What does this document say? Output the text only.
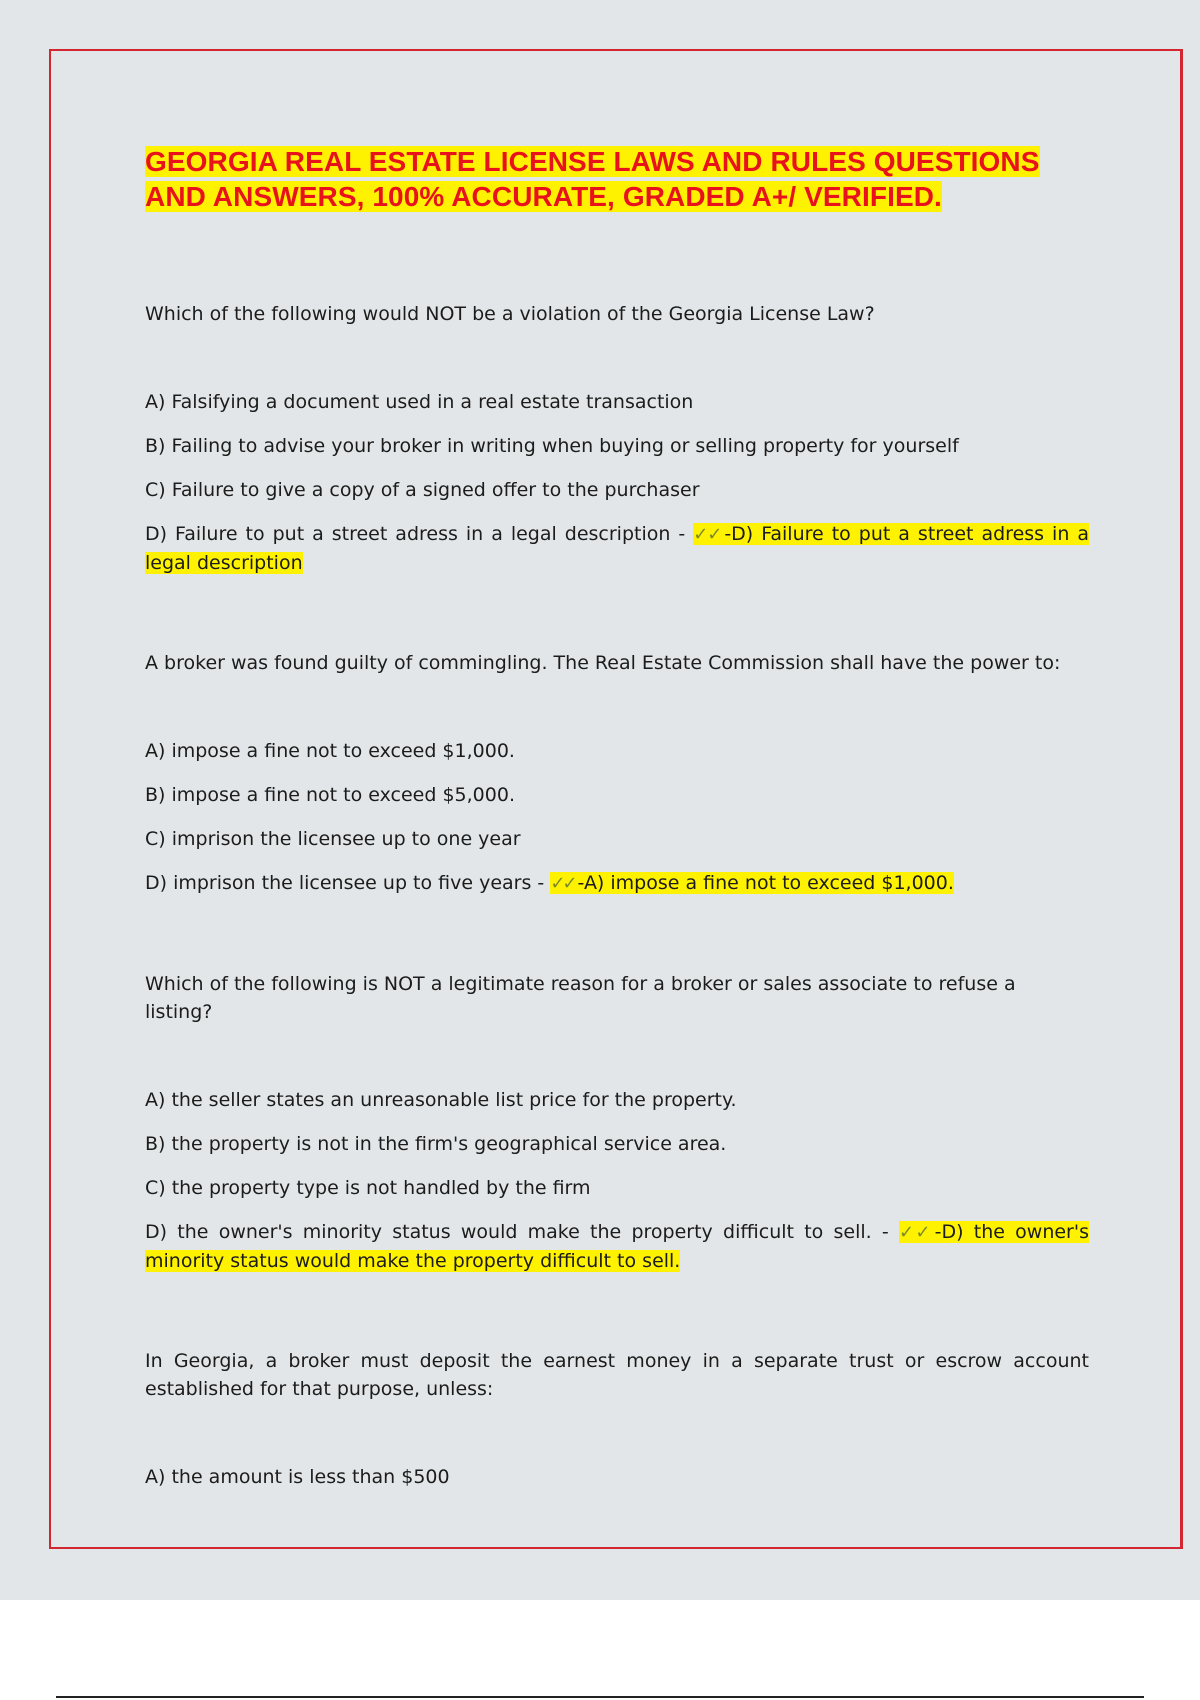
GEORGIA REAL ESTATE LICENSE LAWS AND RULES QUESTIONS
AND ANSWERS, 100% ACCURATE, GRADED A+/ VERIFIED.

Which of the following would NOT be a violation of the Georgia License Law?

A) Falsifying a document used in a real estate transaction

B) Failing to advise your broker in writing when buying or selling property for yourself

C) Failure to give a copy of a signed offer to the purchaser

D) Failure to put a street adress in a legal description - ✓✓ -D) Failure to put a street adress in a legal description

A broker was found guilty of commingling. The Real Estate Commission shall have the power to:

A) impose a fine not to exceed $1,000.

B) impose a fine not to exceed $5,000.

C) imprison the licensee up to one year

D) imprison the licensee up to five years - ✓✓ -A) impose a fine not to exceed $1,000.

Which of the following is NOT a legitimate reason for a broker or sales associate to refuse a listing?

A) the seller states an unreasonable list price for the property.

B) the property is not in the firm's geographical service area.

C) the property type is not handled by the firm

D) the owner's minority status would make the property difficult to sell. - ✓✓ -D) the owner's minority status would make the property difficult to sell.

In Georgia, a broker must deposit the earnest money in a separate trust or escrow account established for that purpose, unless:

A) the amount is less than $500
